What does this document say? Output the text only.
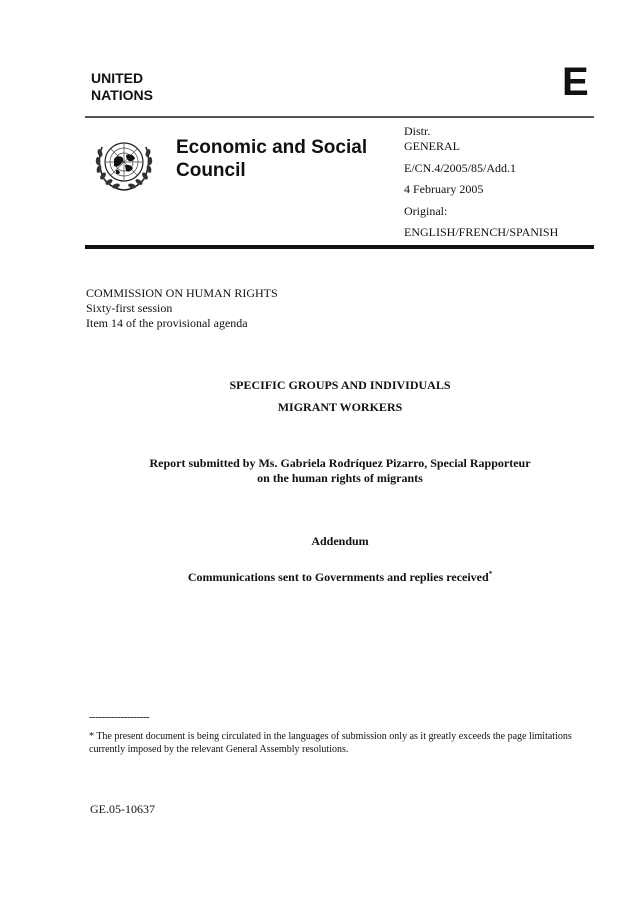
UNITED
NATIONS	E
Economic and Social
Council
Distr.
GENERAL
E/CN.4/2005/85/Add.1
4 February 2005
Original:
ENGLISH/FRENCH/SPANISH
COMMISSION ON HUMAN RIGHTS
Sixty-first session
Item 14 of the provisional agenda
SPECIFIC GROUPS AND INDIVIDUALS
MIGRANT WORKERS
Report submitted by Ms. Gabriela Rodríquez Pizarro, Special Rapporteur
on the human rights of migrants
Addendum
Communications sent to Governments and replies received*
-------------------
* The present document is being circulated in the languages of submission only as it greatly exceeds the page limitations currently imposed by the relevant General Assembly resolutions.
GE.05-10637
